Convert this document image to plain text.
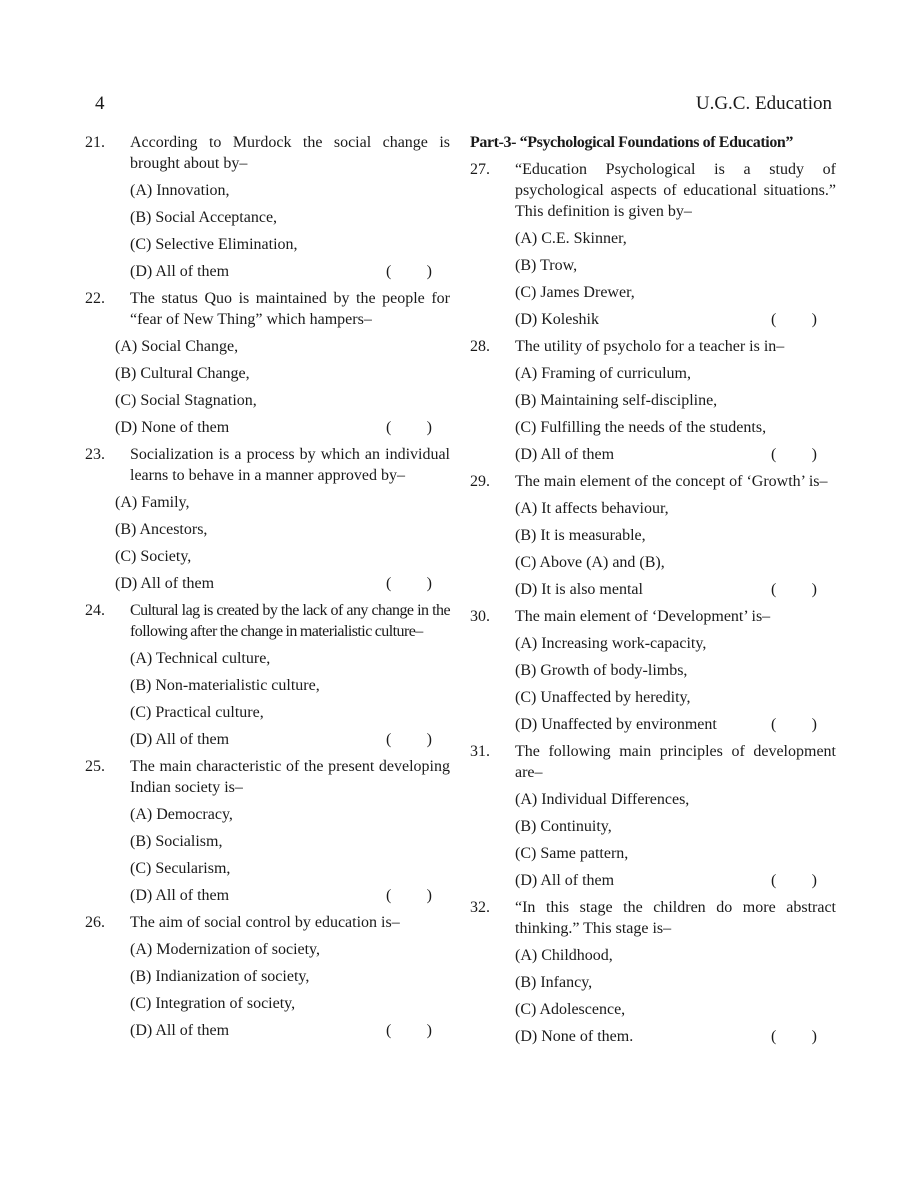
4	U.G.C. Education
21.	According to Murdock the social change is brought about by–
(A) Innovation,
(B) Social Acceptance,
(C) Selective Elimination,
(D) All of them	( )
22.	The status Quo is maintained by the people for “fear of New Thing” which hampers–
(A) Social Change,
(B) Cultural Change,
(C) Social Stagnation,
(D) None of them	( )
23.	Socialization is a process by which an individual learns to behave in a manner approved by–
(A) Family,
(B) Ancestors,
(C) Society,
(D) All of them	( )
24.	Cultural lag is created by the lack of any change in the following after the change in materialistic culture–
(A) Technical culture,
(B) Non-materialistic culture,
(C) Practical culture,
(D) All of them	( )
25.	The main characteristic of the present developing Indian society is–
(A) Democracy,
(B) Socialism,
(C) Secularism,
(D) All of them	( )
26.	The aim of social control by education is–
(A) Modernization of society,
(B) Indianization of society,
(C) Integration of society,
(D) All of them	( )
Part-3- “Psychological Foundations of Education”
27.	“Education Psychological is a study of psychological aspects of educational situations.” This definition is given by–
(A) C.E. Skinner,
(B) Trow,
(C) James Drewer,
(D) Koleshik	( )
28.	The utility of psycholo for a teacher is in–
(A) Framing of curriculum,
(B) Maintaining self-discipline,
(C) Fulfilling the needs of the students,
(D) All of them	( )
29.	The main element of the concept of ‘Growth’ is–
(A) It affects behaviour,
(B) It is measurable,
(C) Above (A) and (B),
(D) It is also mental	( )
30.	The main element of ‘Development’ is–
(A) Increasing work-capacity,
(B) Growth of body-limbs,
(C) Unaffected by heredity,
(D) Unaffected by environment	( )
31.	The following main principles of development are–
(A) Individual Differences,
(B) Continuity,
(C) Same pattern,
(D) All of them	( )
32.	“In this stage the children do more abstract thinking.” This stage is–
(A) Childhood,
(B) Infancy,
(C) Adolescence,
(D) None of them.	( )
